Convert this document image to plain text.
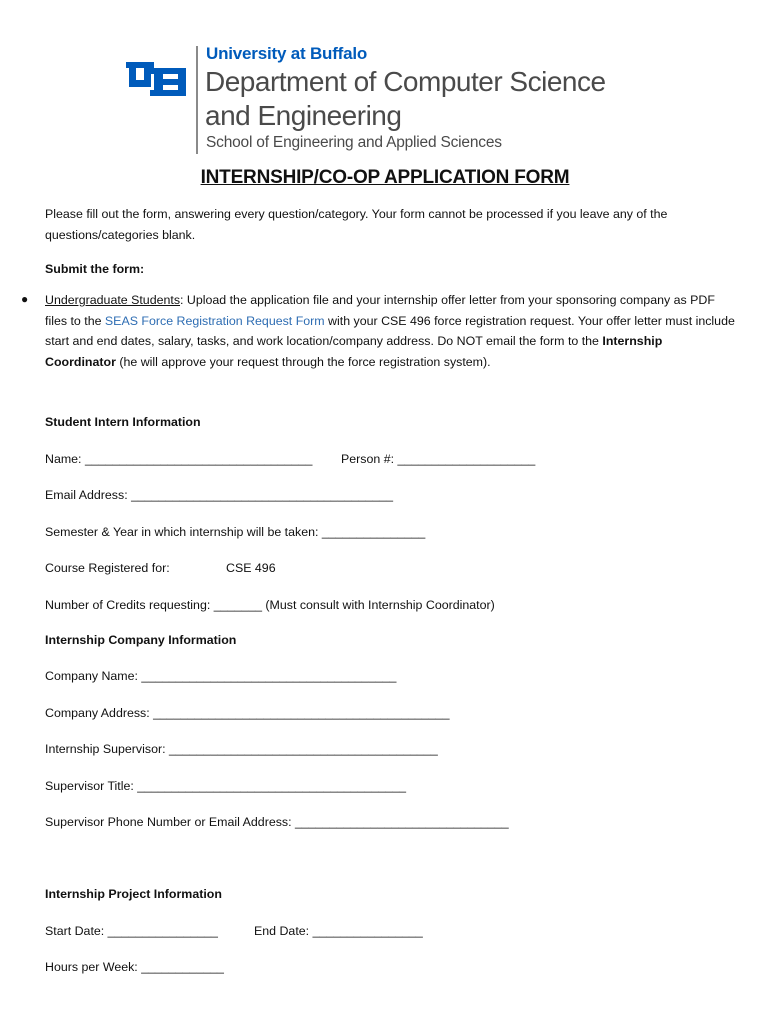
University at Buffalo
Department of Computer Science
and Engineering
School of Engineering and Applied Sciences
INTERNSHIP/CO-OP APPLICATION FORM
Please fill out the form, answering every question/category. Your form cannot be processed if you leave any of the questions/categories blank.
Submit the form:
● Undergraduate Students: Upload the application file and your internship offer letter from your sponsoring company as PDF files to the SEAS Force Registration Request Form with your CSE 496 force registration request. Your offer letter must include start and end dates, salary, tasks, and work location/company address. Do NOT email the form to the Internship Coordinator (he will approve your request through the force registration system).
Student Intern Information
Name: _________________________________ Person #: ____________________
Email Address: ______________________________________
Semester & Year in which internship will be taken: _______________
Course Registered for:	CSE 496
Number of Credits requesting: _______ (Must consult with Internship Coordinator)
Internship Company Information
Company Name: _____________________________________
Company Address: ___________________________________________
Internship Supervisor: _______________________________________
Supervisor Title: _______________________________________
Supervisor Phone Number or Email Address: _______________________________
Internship Project Information
Start Date: ________________	End Date: ________________
Hours per Week: ____________
